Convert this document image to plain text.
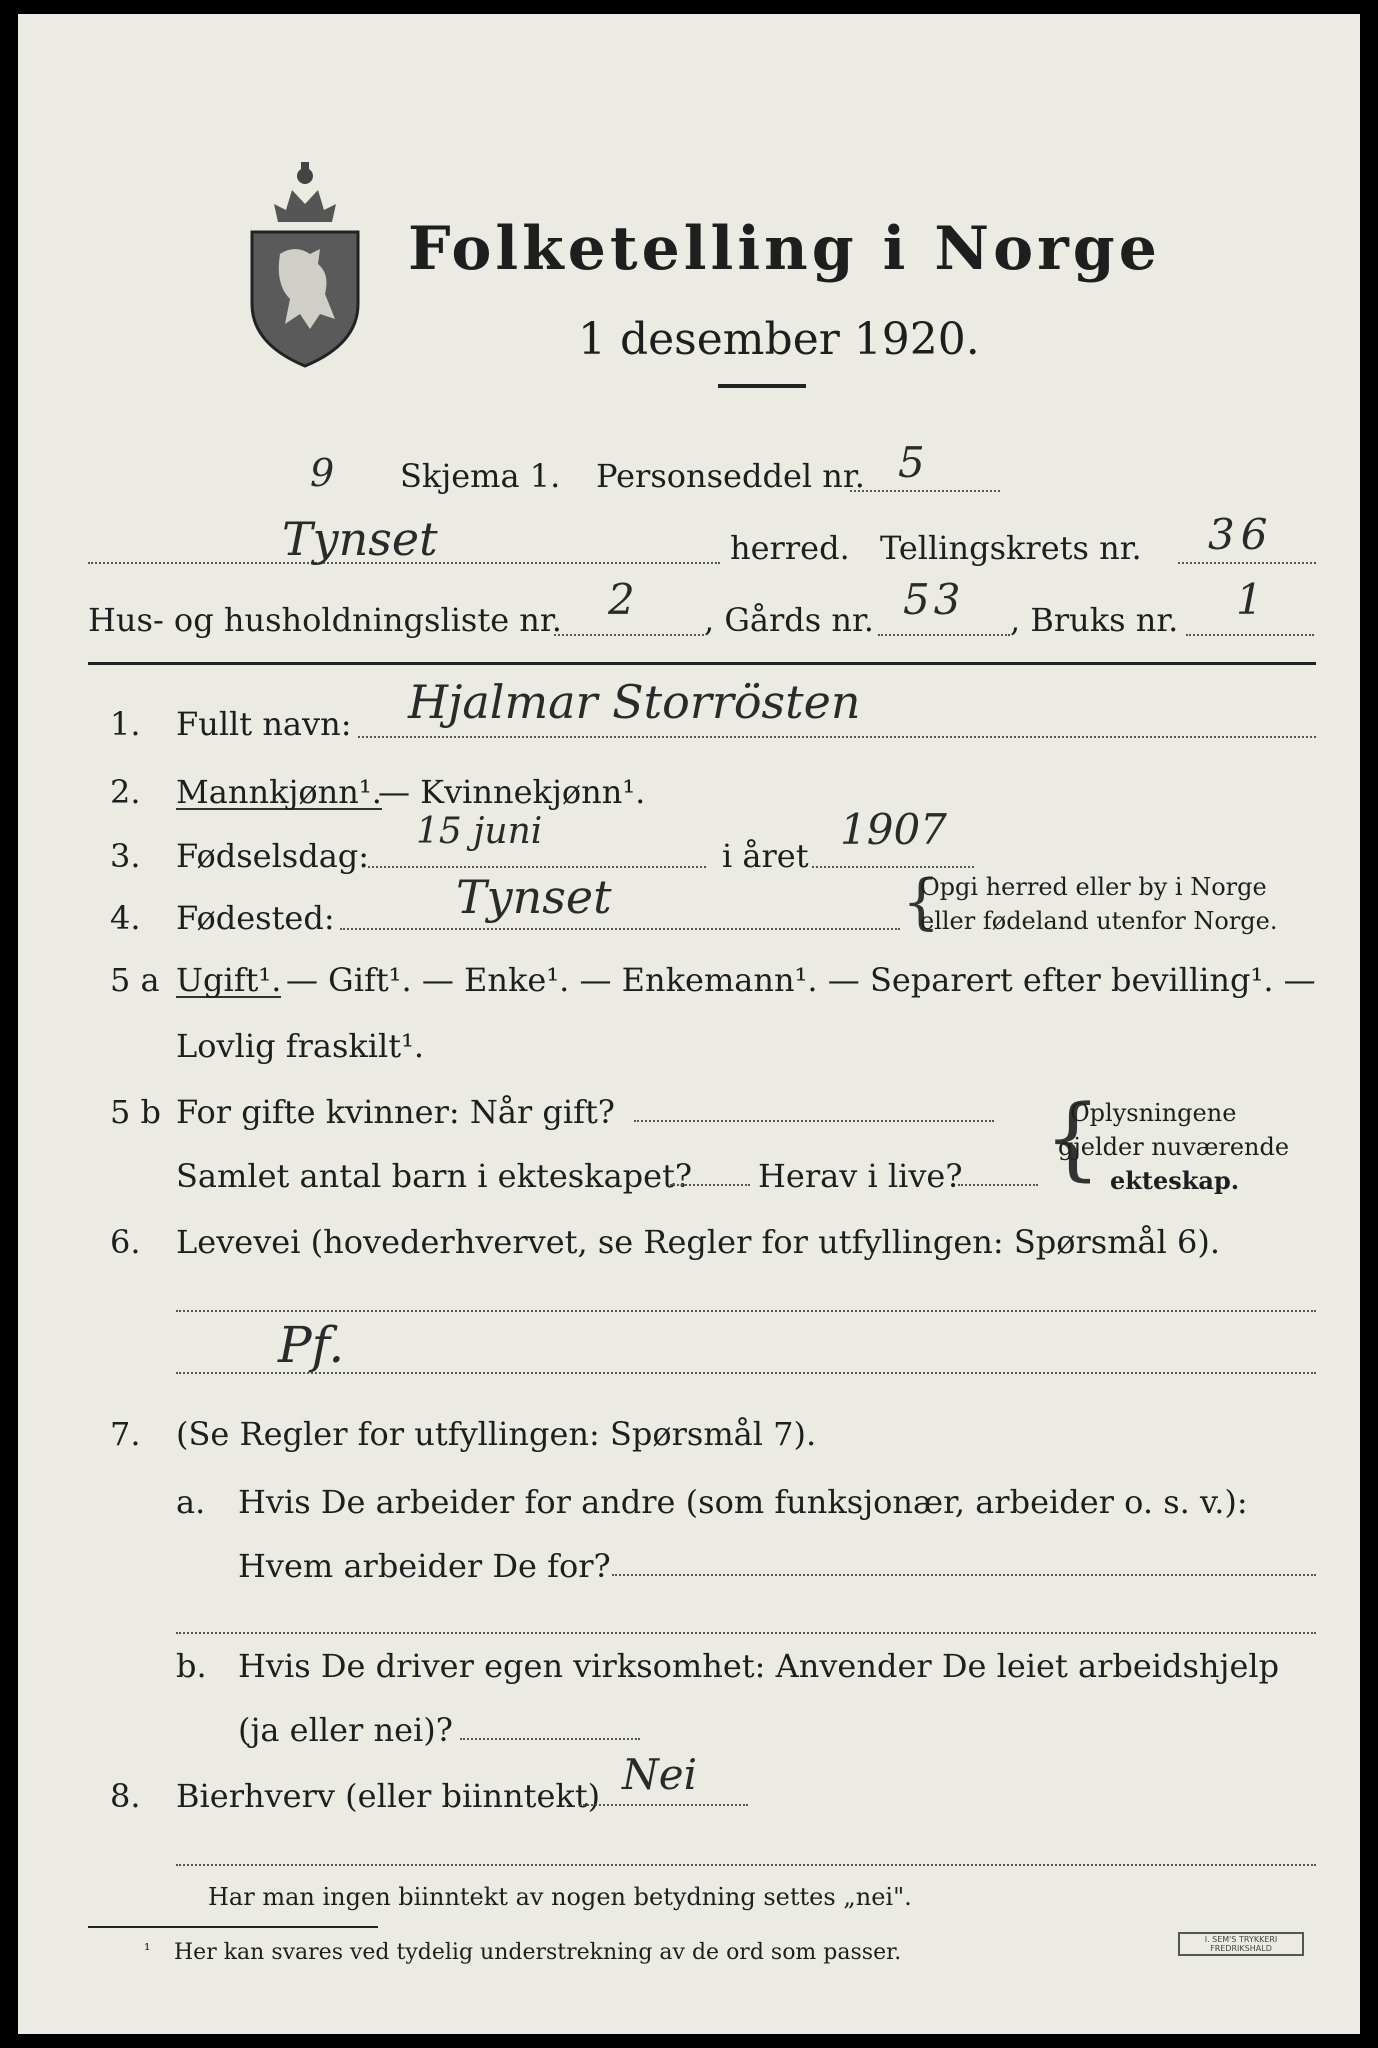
Folketelling i Norge
1 desember 1920.
9 Skjema 1. Personseddel nr. 5
Tynset	herred. Tellingskrets nr. 36
Hus- og husholdningsliste nr. 2 , Gårds nr. 53 , Bruks nr. 1
1. Fullt navn: Hjalmar Storrösten
2. Mannkjønn¹.
— Kvinnekjønn¹.
3. Fødselsdag:
15 juni
i året
1907
4. Fødested:	Tynset	{
Opgi herred eller by i Norge
eller fødeland utenfor Norge.
5 a Ugift¹. — Gift¹. — Enke¹. — Enkemann¹. — Separert efter bevilling¹. —
Lovlig fraskilt¹.
5 b For gifte kvinner: Når gift?
Samlet antal barn i ekteskapet? Herav i live? {
Oplysningene
gjelder nuværende
ekteskap.
6. Levevei (hovederhvervet, se Regler for utfyllingen: Spørsmål 6).
Pf.
7. (Se Regler for utfyllingen: Spørsmål 7).
a. Hvis De arbeider for andre (som funksjonær, arbeider o. s. v.):
Hvem arbeider De for?
b. Hvis De driver egen virksomhet: Anvender De leiet arbeidshjelp
(ja eller nei)?
8. Bierhverv (eller biinntekt) Nei
Har man ingen biinntekt av nogen betydning settes „nei".
¹ Her kan svares ved tydelig understrekning av de ord som passer.
I. SEM'S TRYKKERI
FREDRIKSHALD
